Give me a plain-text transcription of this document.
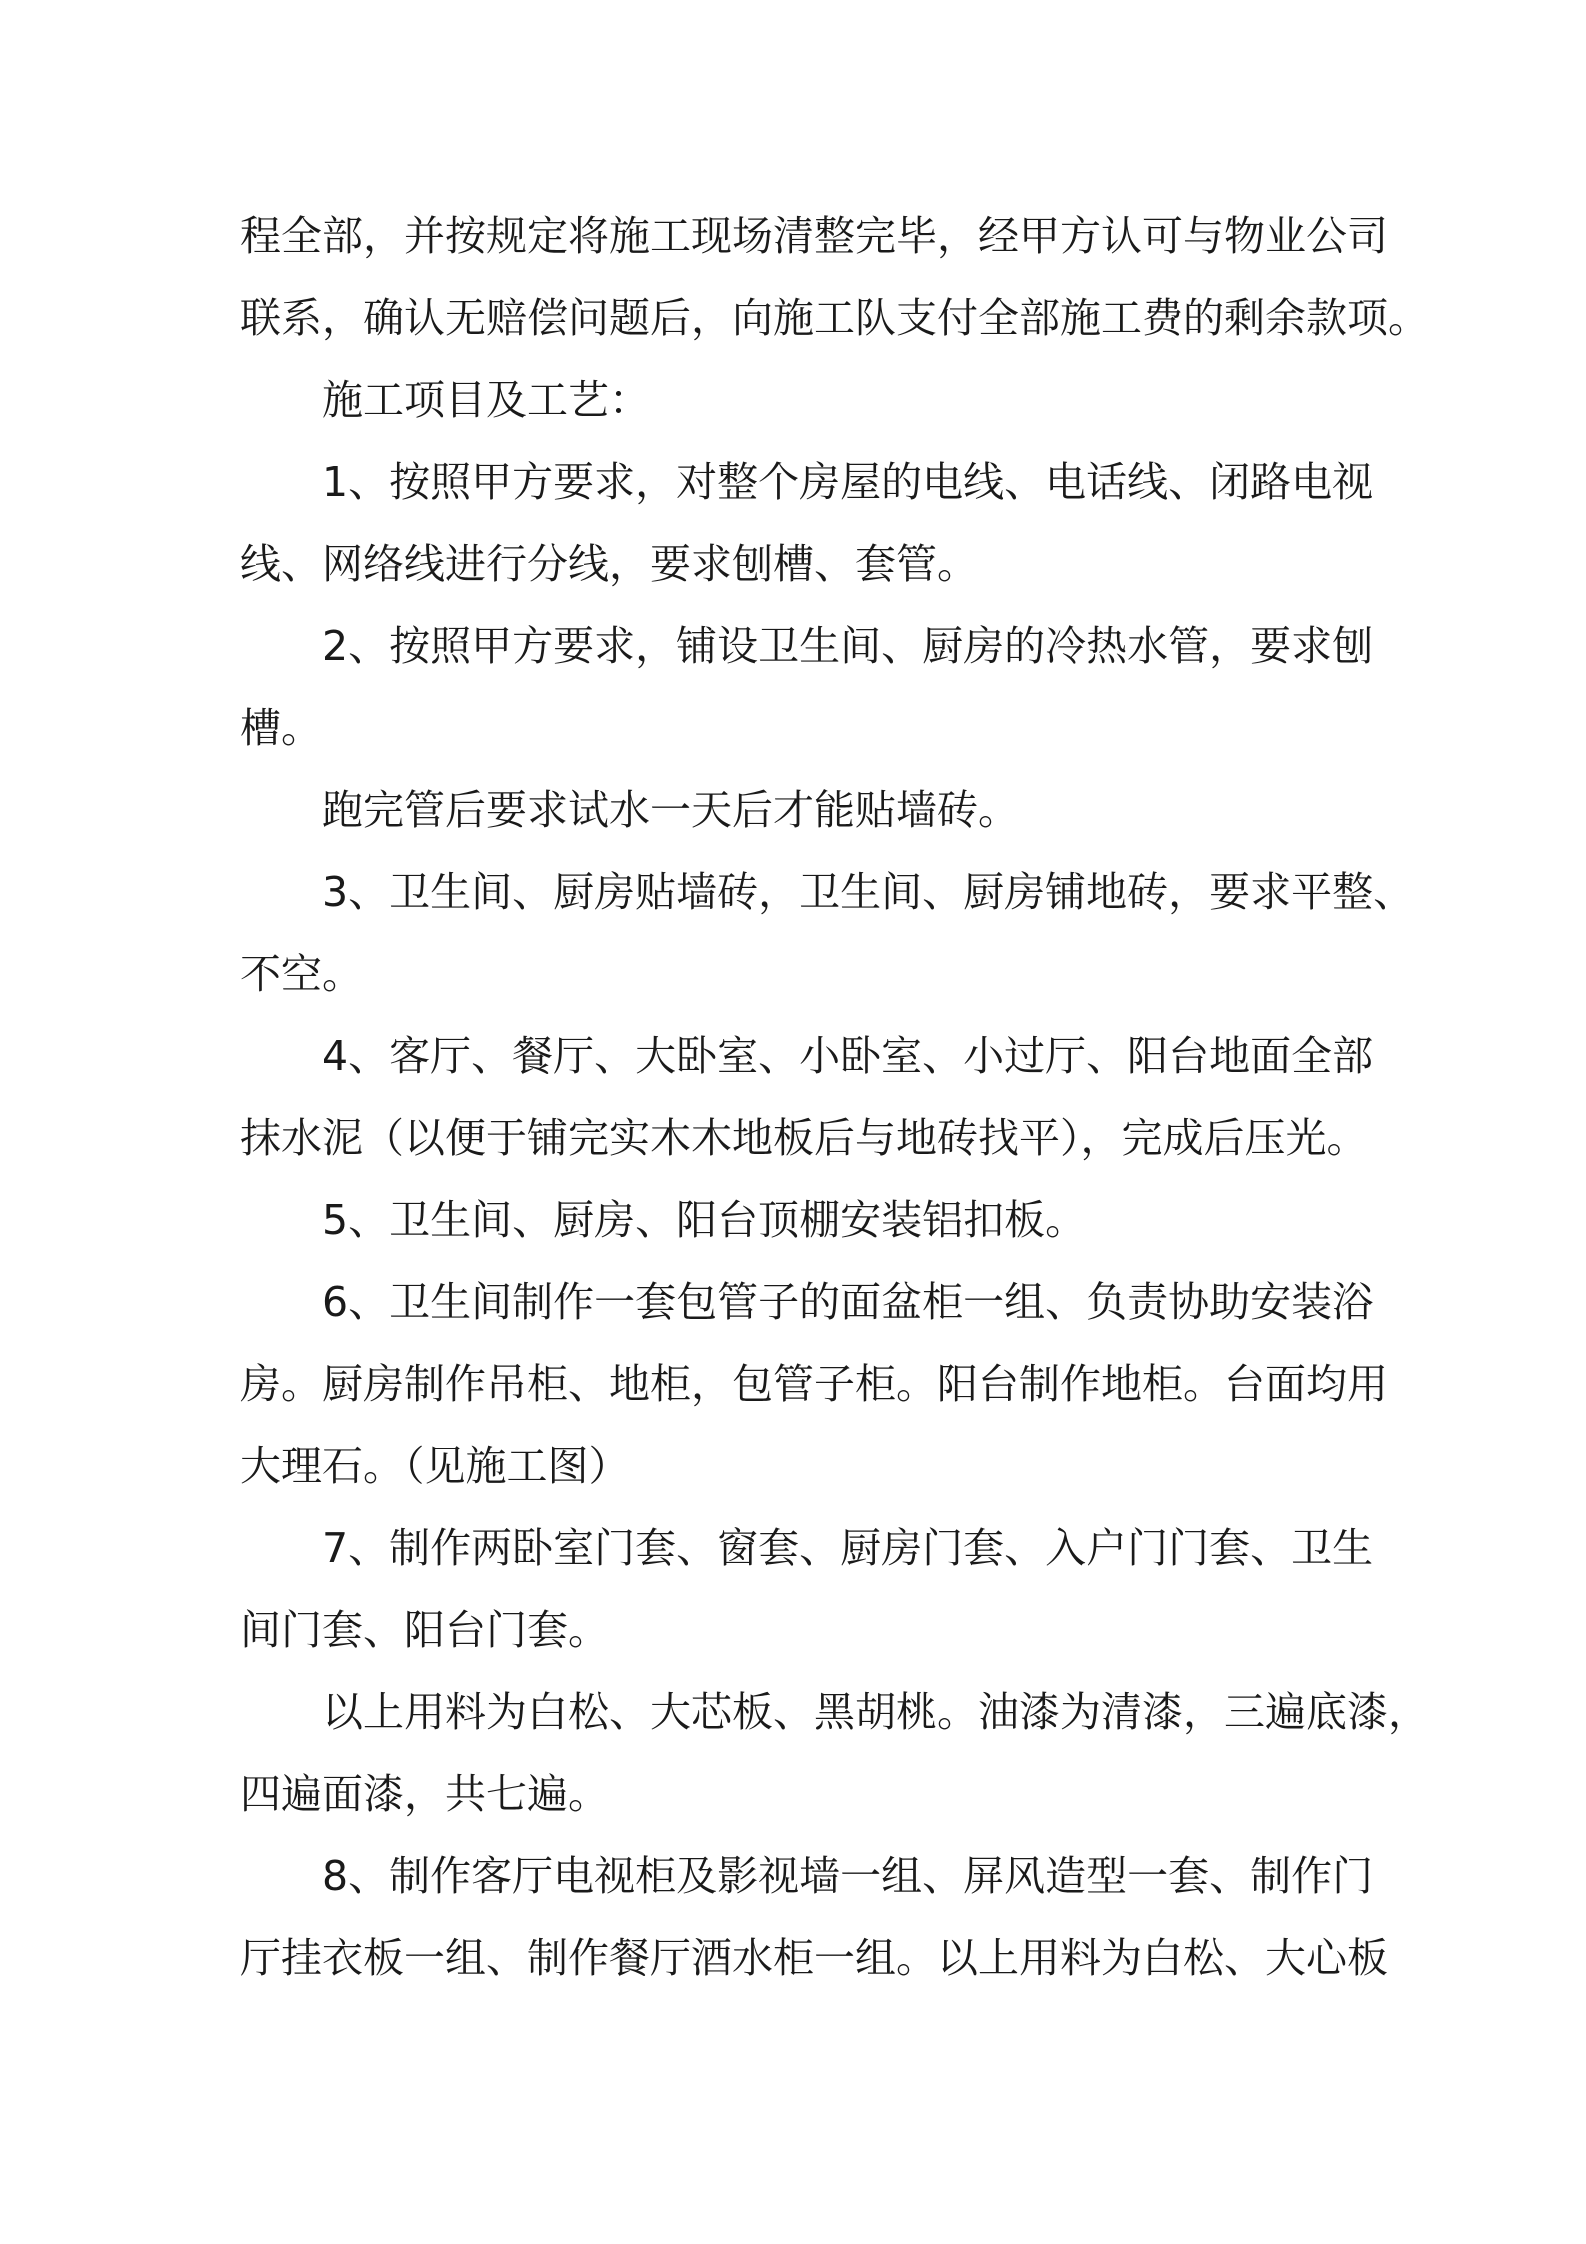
程全部，并按规定将施工现场清整完毕，经甲方认可与物业公司
联系，确认无赔偿问题后，向施工队支付全部施工费的剩余款项。
施工项目及工艺：
1、按照甲方要求，对整个房屋的电线、电话线、闭路电视
线、网络线进行分线，要求刨槽、套管。
2、按照甲方要求，铺设卫生间、厨房的冷热水管，要求刨
槽。
跑完管后要求试水一天后才能贴墙砖。
3、卫生间、厨房贴墙砖，卫生间、厨房铺地砖，要求平整、
不空。
4、客厅、餐厅、大卧室、小卧室、小过厅、阳台地面全部
抹水泥（以便于铺完实木木地板后与地砖找平），完成后压光。
5、卫生间、厨房、阳台顶棚安装铝扣板。
6、卫生间制作一套包管子的面盆柜一组、负责协助安装浴
房。厨房制作吊柜、地柜，包管子柜。阳台制作地柜。台面均用
大理石。（见施工图）
7、制作两卧室门套、窗套、厨房门套、入户门门套、卫生
间门套、阳台门套。
以上用料为白松、大芯板、黑胡桃。油漆为清漆，三遍底漆，
四遍面漆，共七遍。
8、制作客厅电视柜及影视墙一组、屏风造型一套、制作门
厅挂衣板一组、制作餐厅酒水柜一组。以上用料为白松、大心板
